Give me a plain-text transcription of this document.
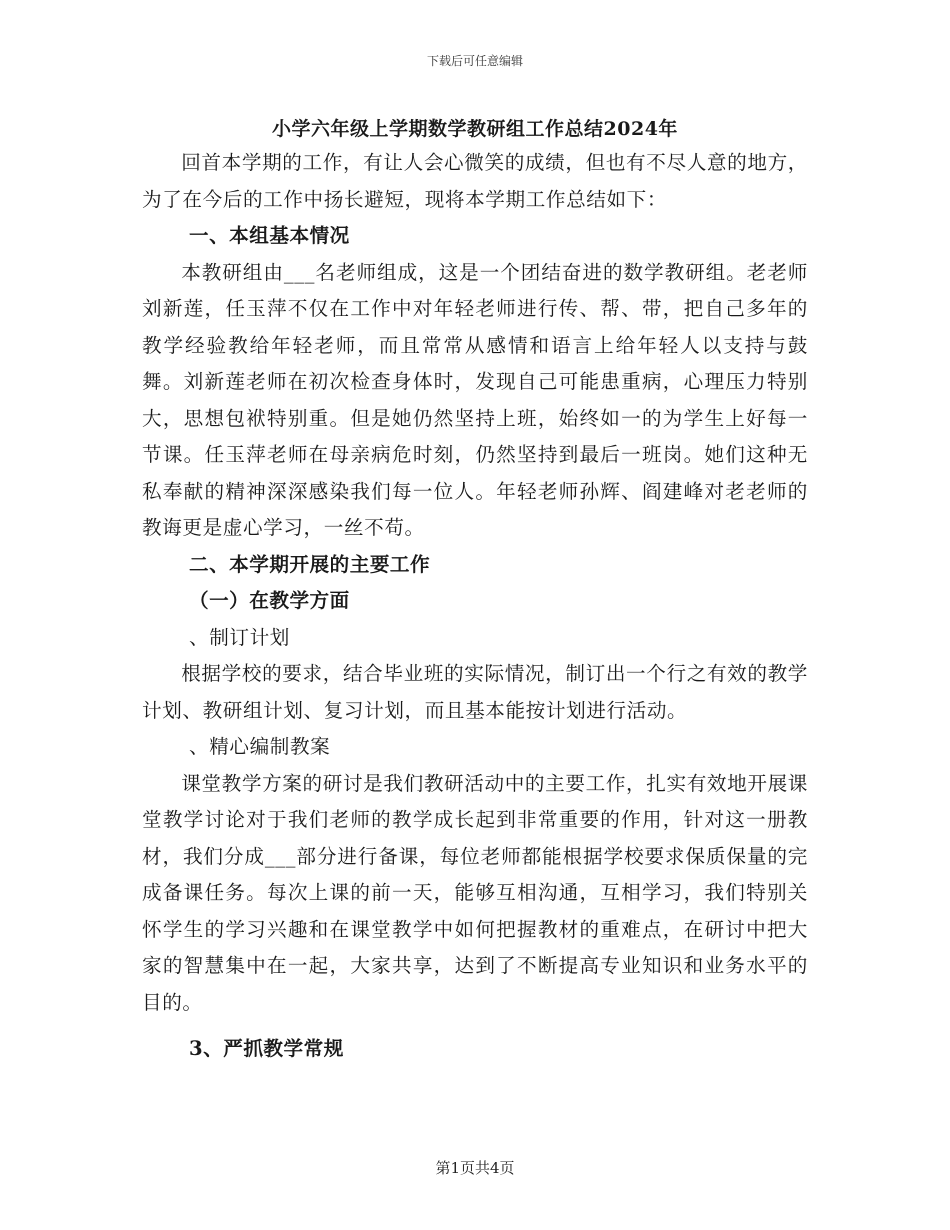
下载后可任意编辑
小学六年级上学期数学教研组工作总结2024年

回首本学期的工作，有让人会心微笑的成绩，但也有不尽人意的地方，为了在今后的工作中扬长避短，现将本学期工作总结如下：

一、本组基本情况

本教研组由___名老师组成，这是一个团结奋进的数学教研组。老老师刘新莲，任玉萍不仅在工作中对年轻老师进行传、帮、带，把自己多年的教学经验教给年轻老师，而且常常从感情和语言上给年轻人以支持与鼓舞。刘新莲老师在初次检查身体时，发现自己可能患重病，心理压力特别大，思想包袱特别重。但是她仍然坚持上班，始终如一的为学生上好每一节课。任玉萍老师在母亲病危时刻，仍然坚持到最后一班岗。她们这种无私奉献的精神深深感染我们每一位人。年轻老师孙辉、阎建峰对老老师的教诲更是虚心学习，一丝不苟。

二、本学期开展的主要工作

（一）在教学方面

、制订计划

根据学校的要求，结合毕业班的实际情况，制订出一个行之有效的教学计划、教研组计划、复习计划，而且基本能按计划进行活动。

、精心编制教案

课堂教学方案的研讨是我们教研活动中的主要工作，扎实有效地开展课堂教学讨论对于我们老师的教学成长起到非常重要的作用，针对这一册教材，我们分成___部分进行备课，每位老师都能根据学校要求保质保量的完成备课任务。每次上课的前一天，能够互相沟通，互相学习，我们特别关怀学生的学习兴趣和在课堂教学中如何把握教材的重难点，在研讨中把大家的智慧集中在一起，大家共享，达到了不断提高专业知识和业务水平的目的。

3、严抓教学常规

第1页共4页
